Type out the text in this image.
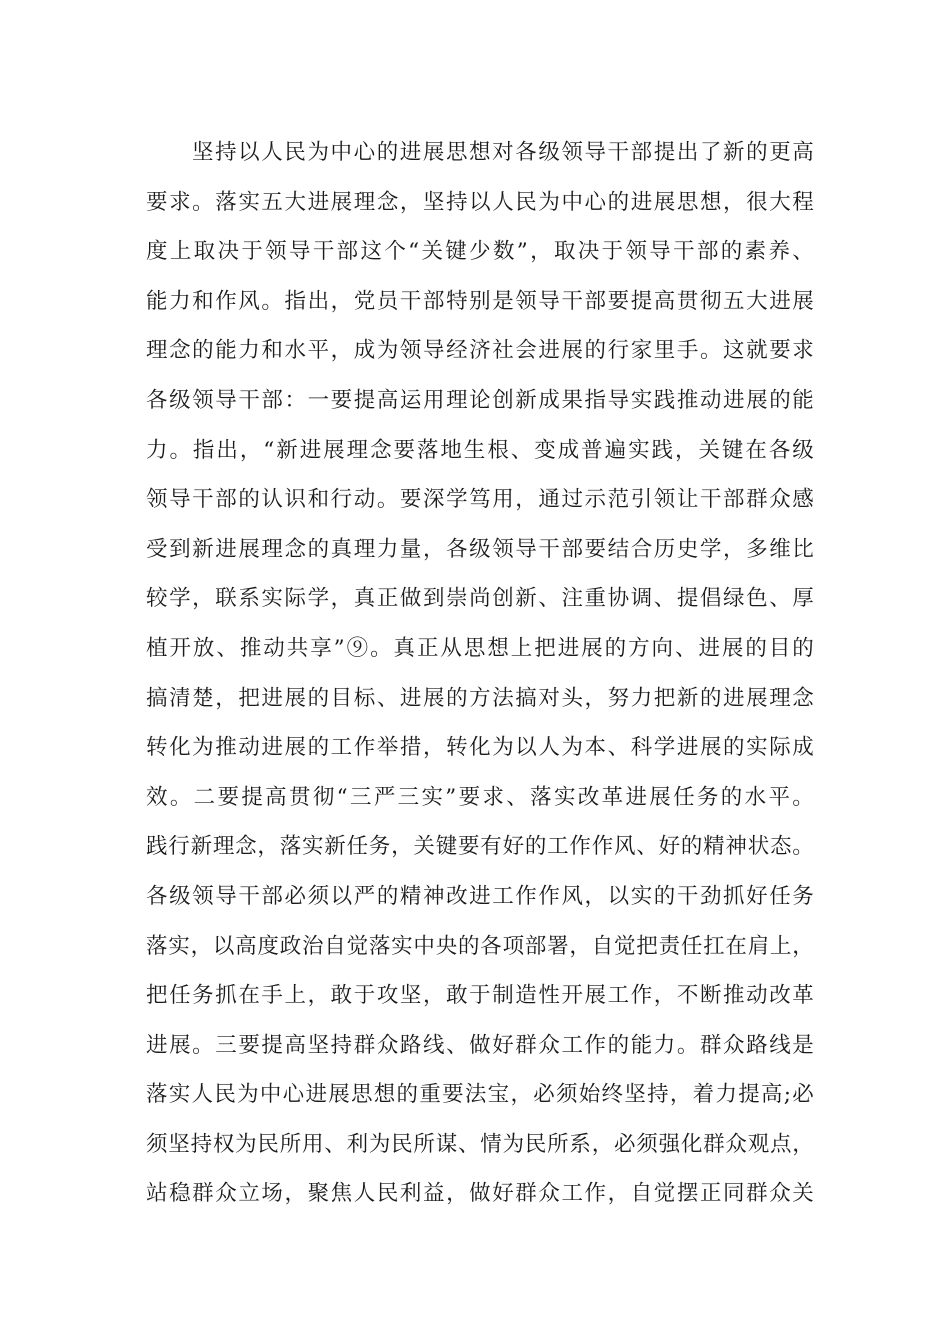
坚持以人民为中心的进展思想对各级领导干部提出了新的更高
要求。落实五大进展理念，坚持以人民为中心的进展思想，很大程
度上取决于领导干部这个“关键少数”，取决于领导干部的素养、
能力和作风。指出，党员干部特别是领导干部要提高贯彻五大进展
理念的能力和水平，成为领导经济社会进展的行家里手。这就要求
各级领导干部：一要提高运用理论创新成果指导实践推动进展的能
力。指出，“新进展理念要落地生根、变成普遍实践，关键在各级
领导干部的认识和行动。要深学笃用，通过示范引领让干部群众感
受到新进展理念的真理力量，各级领导干部要结合历史学，多维比
较学，联系实际学，真正做到崇尚创新、注重协调、提倡绿色、厚
植开放、推动共享”⑨。真正从思想上把进展的方向、进展的目的
搞清楚，把进展的目标、进展的方法搞对头，努力把新的进展理念
转化为推动进展的工作举措，转化为以人为本、科学进展的实际成
效。二要提高贯彻“三严三实”要求、落实改革进展任务的水平。
践行新理念，落实新任务，关键要有好的工作作风、好的精神状态。
各级领导干部必须以严的精神改进工作作风，以实的干劲抓好任务
落实，以高度政治自觉落实中央的各项部署，自觉把责任扛在肩上，
把任务抓在手上，敢于攻坚，敢于制造性开展工作，不断推动改革
进展。三要提高坚持群众路线、做好群众工作的能力。群众路线是
落实人民为中心进展思想的重要法宝，必须始终坚持，着力提高;必
须坚持权为民所用、利为民所谋、情为民所系，必须强化群众观点，
站稳群众立场，聚焦人民利益，做好群众工作，自觉摆正同群众关
